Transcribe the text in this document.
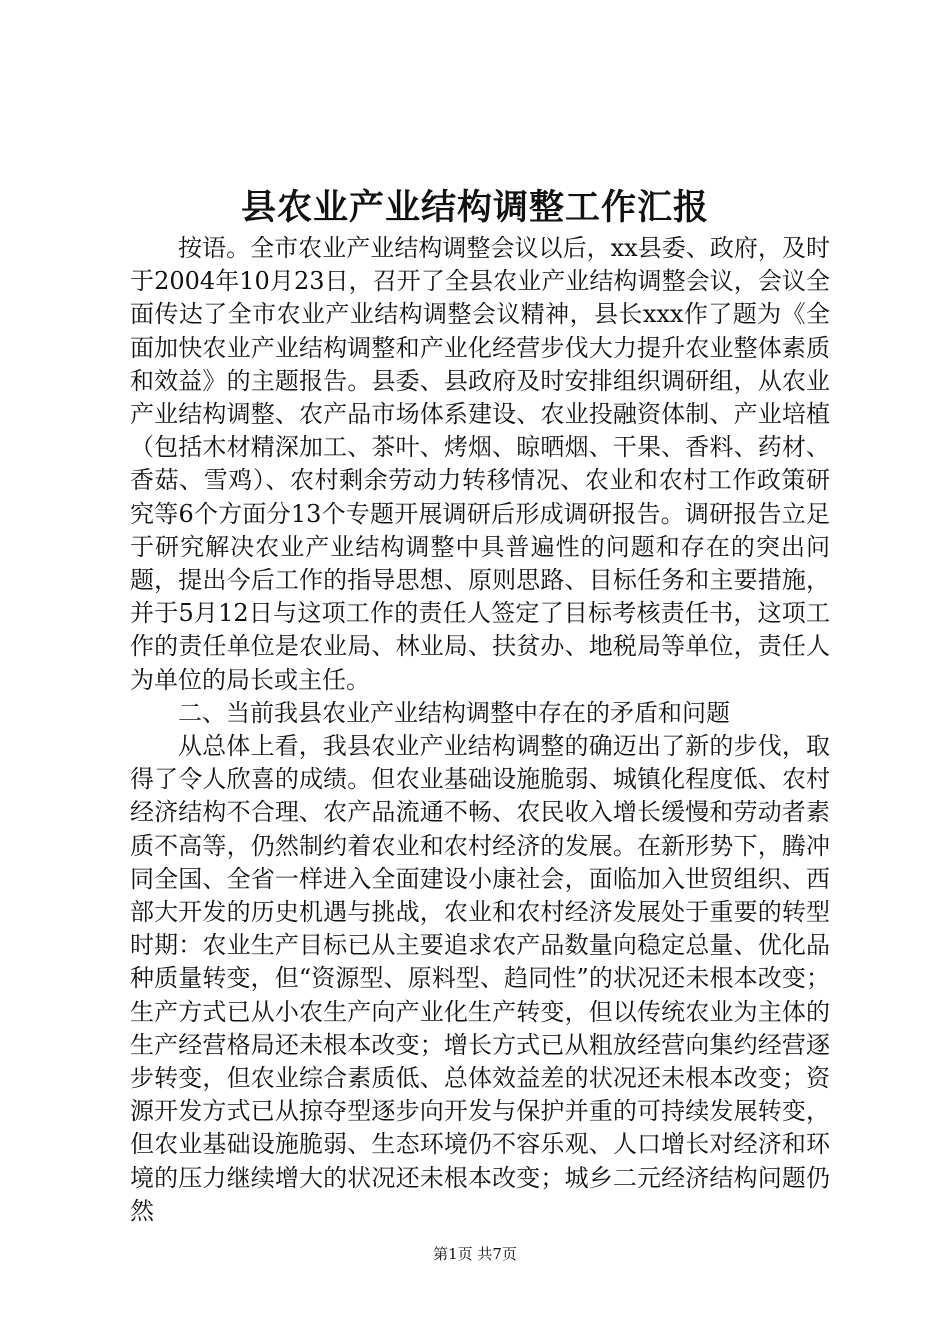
县农业产业结构调整工作汇报

按语。全市农业产业结构调整会议以后，xx县委、政府，及时于2004年10月23日，召开了全县农业产业结构调整会议，会议全面传达了全市农业产业结构调整会议精神，县长xxx作了题为《全面加快农业产业结构调整和产业化经营步伐大力提升农业整体素质和效益》的主题报告。县委、县政府及时安排组织调研组，从农业产业结构调整、农产品市场体系建设、农业投融资体制、产业培植（包括木材精深加工、茶叶、烤烟、晾晒烟、干果、香料、药材、香菇、雪鸡）、农村剩余劳动力转移情况、农业和农村工作政策研究等6个方面分13个专题开展调研后形成调研报告。调研报告立足于研究解决农业产业结构调整中具普遍性的问题和存在的突出问题，提出今后工作的指导思想、原则思路、目标任务和主要措施，并于5月12日与这项工作的责任人签定了目标考核责任书，这项工作的责任单位是农业局、林业局、扶贫办、地税局等单位，责任人为单位的局长或主任。

二、当前我县农业产业结构调整中存在的矛盾和问题

从总体上看，我县农业产业结构调整的确迈出了新的步伐，取得了令人欣喜的成绩。但农业基础设施脆弱、城镇化程度低、农村经济结构不合理、农产品流通不畅、农民收入增长缓慢和劳动者素质不高等，仍然制约着农业和农村经济的发展。在新形势下，腾冲同全国、全省一样进入全面建设小康社会，面临加入世贸组织、西部大开发的历史机遇与挑战，农业和农村经济发展处于重要的转型时期：农业生产目标已从主要追求农产品数量向稳定总量、优化品种质量转变，但“资源型、原料型、趋同性”的状况还未根本改变；生产方式已从小农生产向产业化生产转变，但以传统农业为主体的生产经营格局还未根本改变；增长方式已从粗放经营向集约经营逐步转变，但农业综合素质低、总体效益差的状况还未根本改变；资源开发方式已从掠夺型逐步向开发与保护并重的可持续发展转变，但农业基础设施脆弱、生态环境仍不容乐观、人口增长对经济和环境的压力继续增大的状况还未根本改变；城乡二元经济结构问题仍然

第1页 共7页
